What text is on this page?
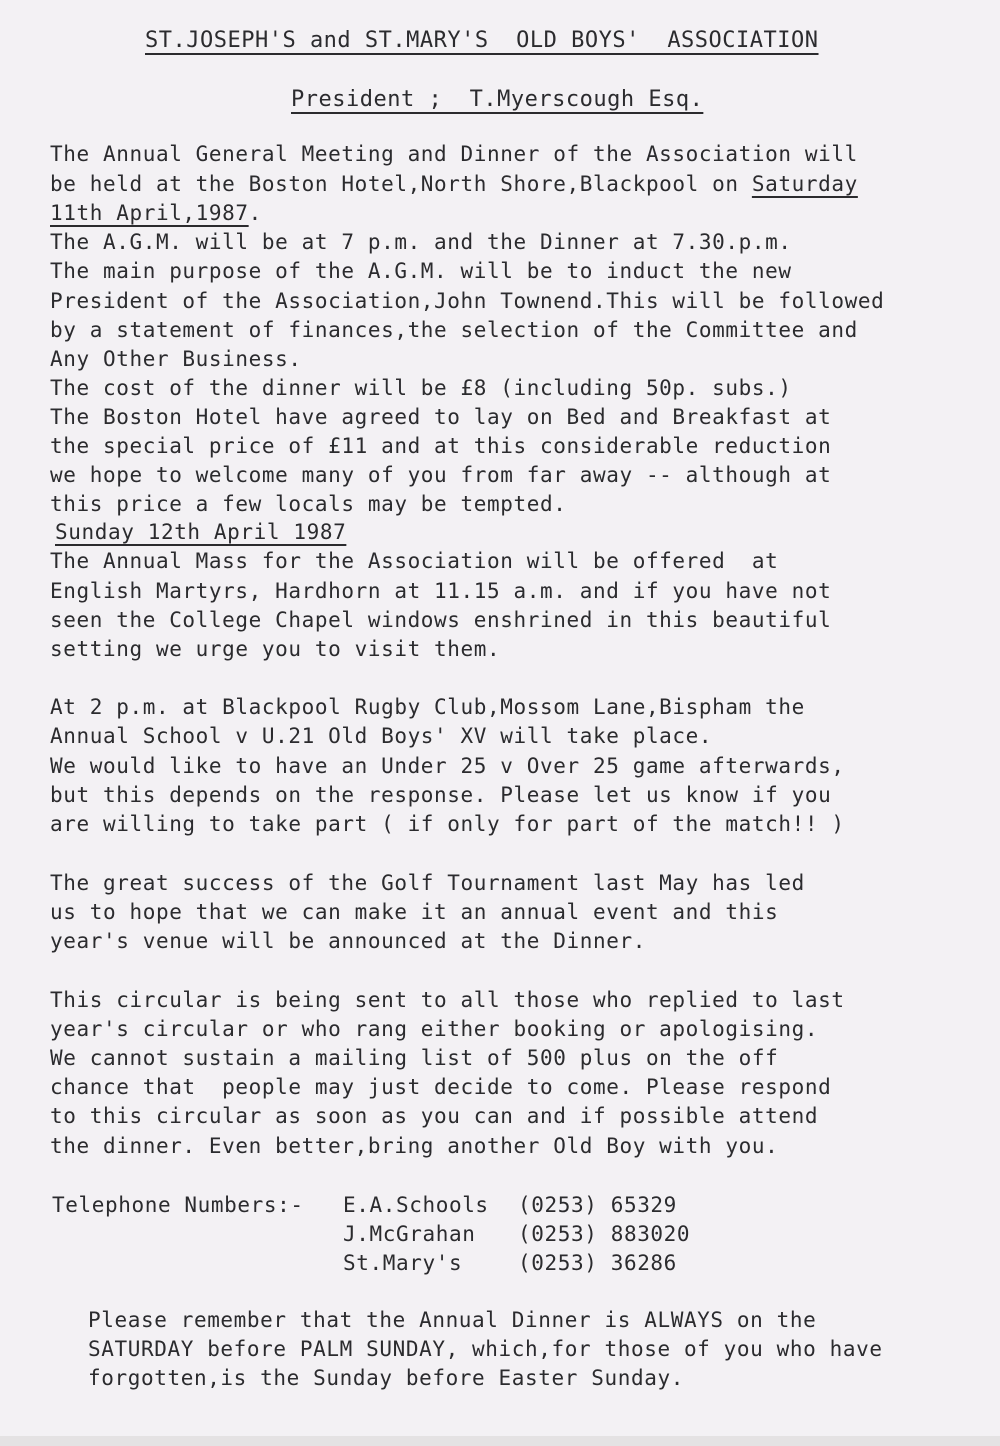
ST.JOSEPH'S and ST.MARY'S  OLD BOYS'  ASSOCIATION
President ;  T.Myerscough Esq.
The Annual General Meeting and Dinner of the Association will
be held at the Boston Hotel,North Shore,Blackpool on Saturday
11th April,1987.
The A.G.M. will be at 7 p.m. and the Dinner at 7.30.p.m.
The main purpose of the A.G.M. will be to induct the new
President of the Association,John Townend.This will be followed
by a statement of finances,the selection of the Committee and
Any Other Business.
The cost of the dinner will be £8 (including 50p. subs.)
The Boston Hotel have agreed to lay on Bed and Breakfast at
the special price of £11 and at this considerable reduction
we hope to welcome many of you from far away -- although at
this price a few locals may be tempted.
Sunday 12th April 1987
The Annual Mass for the Association will be offered  at
English Martyrs, Hardhorn at 11.15 a.m. and if you have not
seen the College Chapel windows enshrined in this beautiful
setting we urge you to visit them.
At 2 p.m. at Blackpool Rugby Club,Mossom Lane,Bispham the
Annual School v U.21 Old Boys' XV will take place.
We would like to have an Under 25 v Over 25 game afterwards,
but this depends on the response. Please let us know if you
are willing to take part ( if only for part of the match!! )
The great success of the Golf Tournament last May has led
us to hope that we can make it an annual event and this
year's venue will be announced at the Dinner.
This circular is being sent to all those who replied to last
year's circular or who rang either booking or apologising.
We cannot sustain a mailing list of 500 plus on the off
chance that  people may just decide to come. Please respond
to this circular as soon as you can and if possible attend
the dinner. Even better,bring another Old Boy with you.
Telephone Numbers:- E.A.Schools (0253) 65329
J.McGrahan (0253) 883020
St.Mary's	(0253) 36286
Please remember that the Annual Dinner is ALWAYS on the
SATURDAY before PALM SUNDAY, which,for those of you who have
forgotten,is the Sunday before Easter Sunday.
